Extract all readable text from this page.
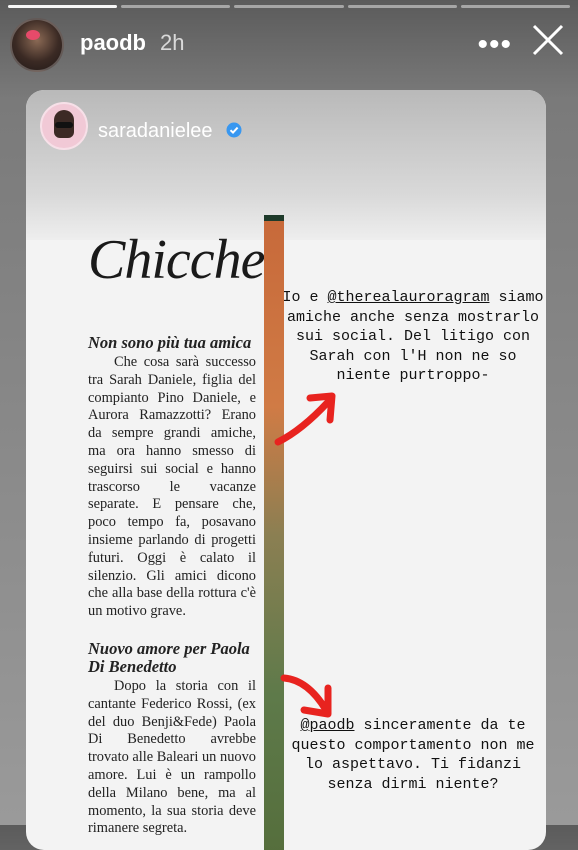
paodb 2h	•••
saradanielee
Chicche
Non sono più tua amica

Che cosa sarà successo tra Sarah Daniele, figlia del compianto Pino Daniele, e Aurora Ramazzotti? Erano da sempre grandi amiche, ma ora hanno smesso di seguirsi sui social e hanno trascorso le vacanze separate. E pensare che, poco tempo fa, posavano insieme parlando di progetti futuri. Oggi è calato il silenzio. Gli amici dicono che alla base della rottura c'è un motivo grave.

Nuovo amore per Paola Di Benedetto

Dopo la storia con il cantante Federico Rossi, (ex del duo Benji&Fede) Paola Di Benedetto avrebbe trovato alle Baleari un nuovo amore. Lui è un rampollo della Milano bene, ma al momento, la sua storia deve rimanere segreta.

Io e @therealauroragram siamo amiche anche senza mostrarlo sui social. Del litigo con Sarah con l'H non ne so niente purtroppo-
@paodb sinceramente da te questo comportamento non me lo aspettavo. Ti fidanzi senza dirmi niente?
